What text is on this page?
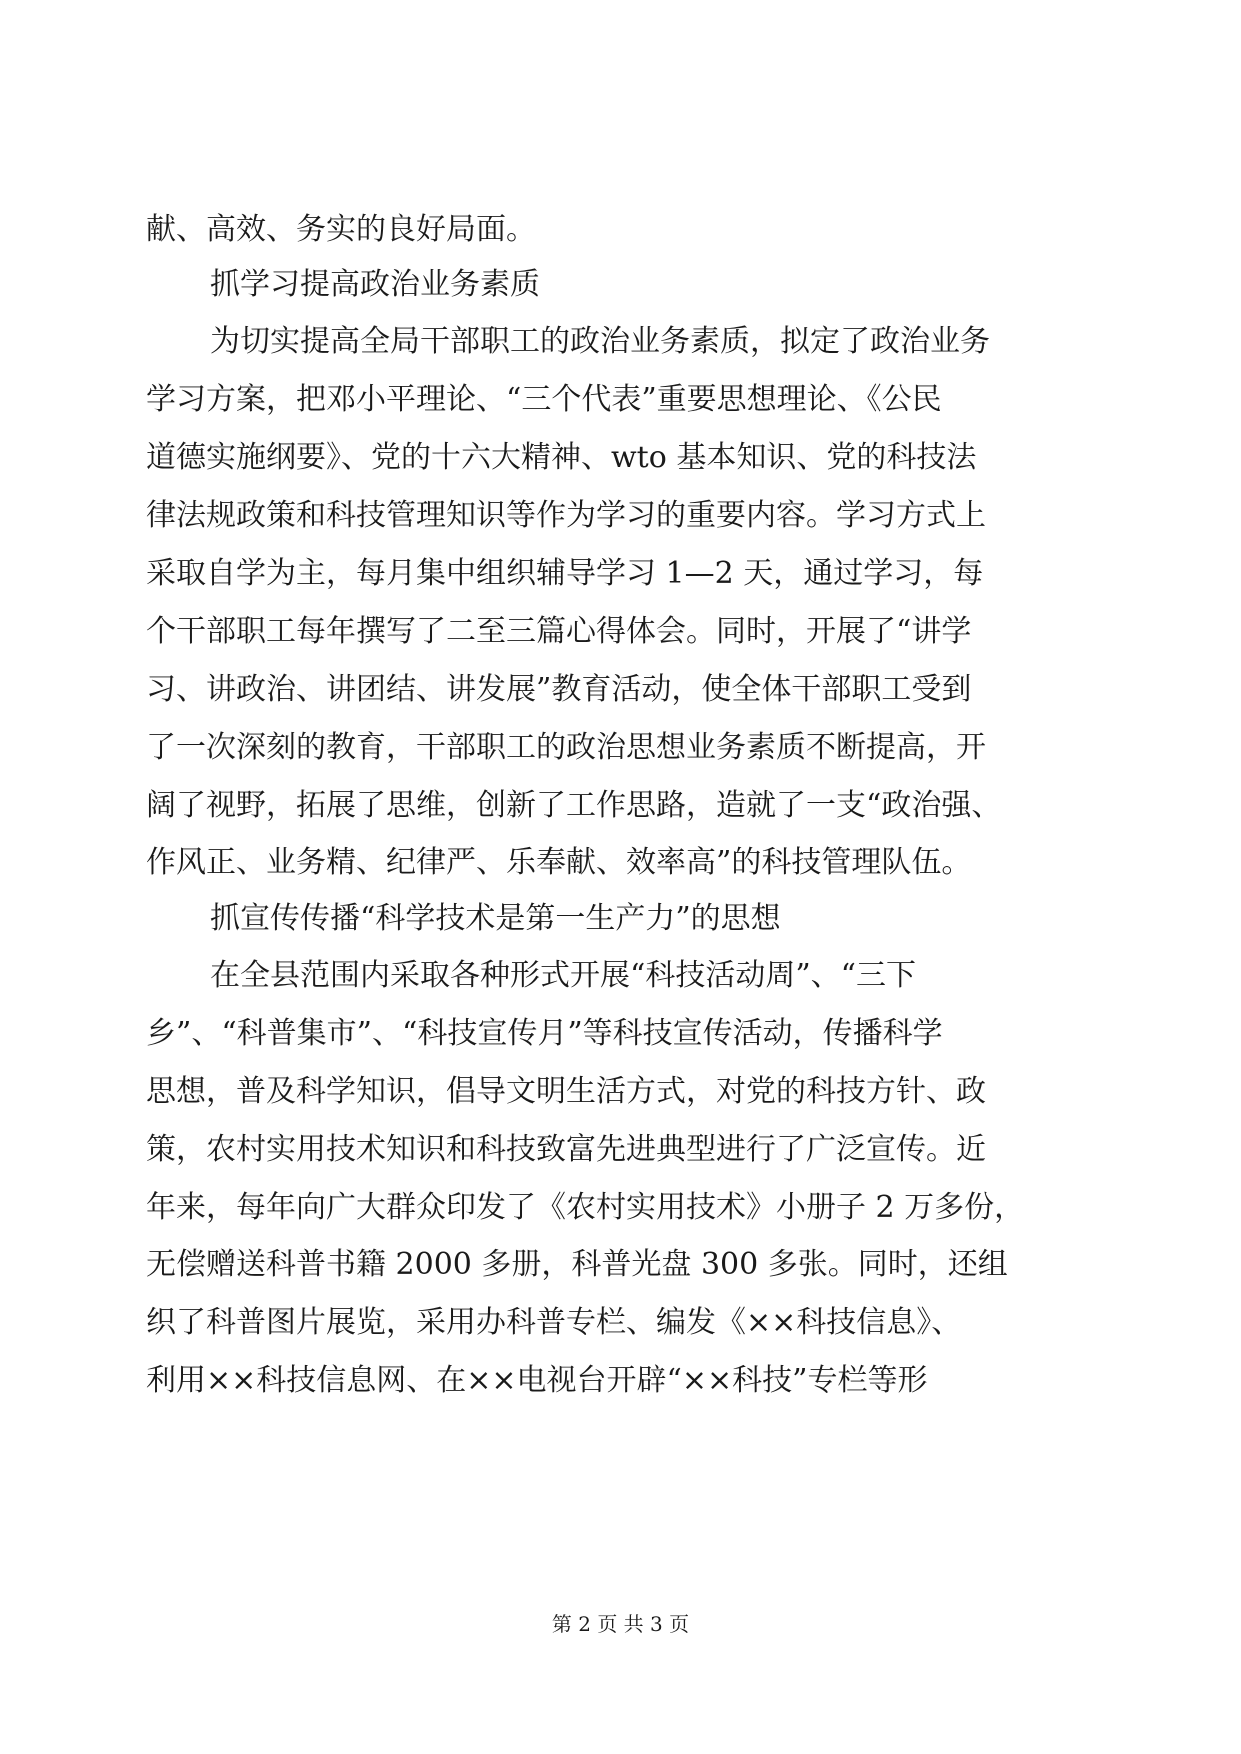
献、高效、务实的良好局面。
抓学习提高政治业务素质
为切实提高全局干部职工的政治业务素质，拟定了政治业务
学习方案，把邓小平理论、“三个代表”重要思想理论、《公民
道德实施纲要》、党的十六大精神、wto 基本知识、党的科技法
律法规政策和科技管理知识等作为学习的重要内容。学习方式上
采取自学为主，每月集中组织辅导学习 1—2 天，通过学习，每
个干部职工每年撰写了二至三篇心得体会。同时，开展了“讲学
习、讲政治、讲团结、讲发展”教育活动，使全体干部职工受到
了一次深刻的教育，干部职工的政治思想业务素质不断提高，开
阔了视野，拓展了思维，创新了工作思路，造就了一支“政治强、
作风正、业务精、纪律严、乐奉献、效率高”的科技管理队伍。
抓宣传传播“科学技术是第一生产力”的思想
在全县范围内采取各种形式开展“科技活动周”、“三下
乡”、“科普集市”、“科技宣传月”等科技宣传活动，传播科学
思想，普及科学知识，倡导文明生活方式，对党的科技方针、政
策，农村实用技术知识和科技致富先进典型进行了广泛宣传。近
年来，每年向广大群众印发了《农村实用技术》小册子 2 万多份，
无偿赠送科普书籍 2000 多册，科普光盘 300 多张。同时，还组
织了科普图片展览，采用办科普专栏、编发《××科技信息》、
利用××科技信息网、在××电视台开辟“××科技”专栏等形
第 2 页 共 3 页
